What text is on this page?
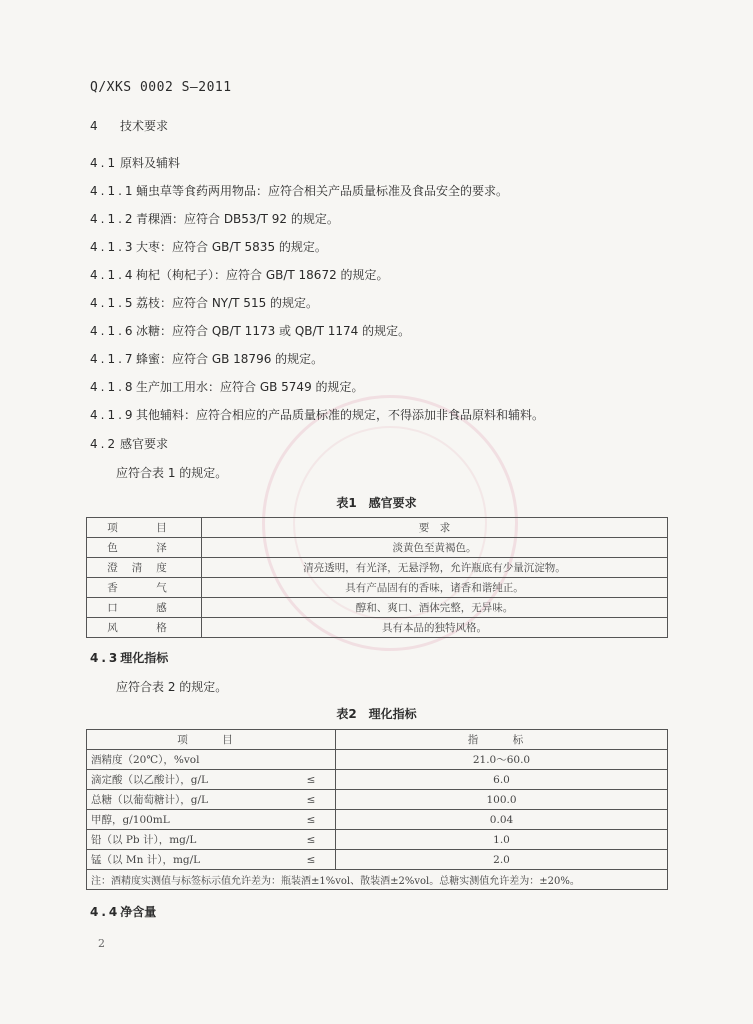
Q/XKS 0002 S—2011
4 技术要求
4.1 原料及辅料
4.1.1蛹虫草等食药两用物品：应符合相关产品质量标准及食品安全的要求。
4.1.2青稞酒：应符合 DB53/T 92 的规定。
4.1.3大枣：应符合 GB/T 5835 的规定。
4.1.4枸杞（枸杞子）：应符合 GB/T 18672 的规定。
4.1.5荔枝：应符合 NY/T 515 的规定。
4.1.6冰糖：应符合 QB/T 1173 或 QB/T 1174 的规定。
4.1.7蜂蜜：应符合 GB 18796 的规定。
4.1.8生产加工用水：应符合 GB 5749 的规定。
4.1.9其他辅料：应符合相应的产品质量标准的规定，不得添加非食品原料和辅料。
4.2 感官要求
应符合表 1 的规定。
表1　感官要求
项　目	要　求
色　泽	淡黄色至黄褐色。
澄清度	清亮透明，有光泽，无悬浮物，允许瓶底有少量沉淀物。
香　气	具有产品固有的香味，诸香和谐纯正。
口　感	醇和、爽口、酒体完整，无异味。
风　格	具有本品的独特风格。
4.3理化指标
应符合表 2 的规定。
表2　理化指标
项　目		指　标
酒精度（20℃），%vol		21.0～60.0
滴定酸（以乙酸计），g/L	≤	6.0
总糖（以葡萄糖计），g/L	≤	100.0
甲醇，g/100mL	≤	0.04
铅（以 Pb 计），mg/L	≤	1.0
锰（以 Mn 计），mg/L	≤	2.0
注：酒精度实测值与标签标示值允许差为：瓶装酒±1%vol、散装酒±2%vol。总糖实测值允许差为：±20%。		
4.4净含量
2
